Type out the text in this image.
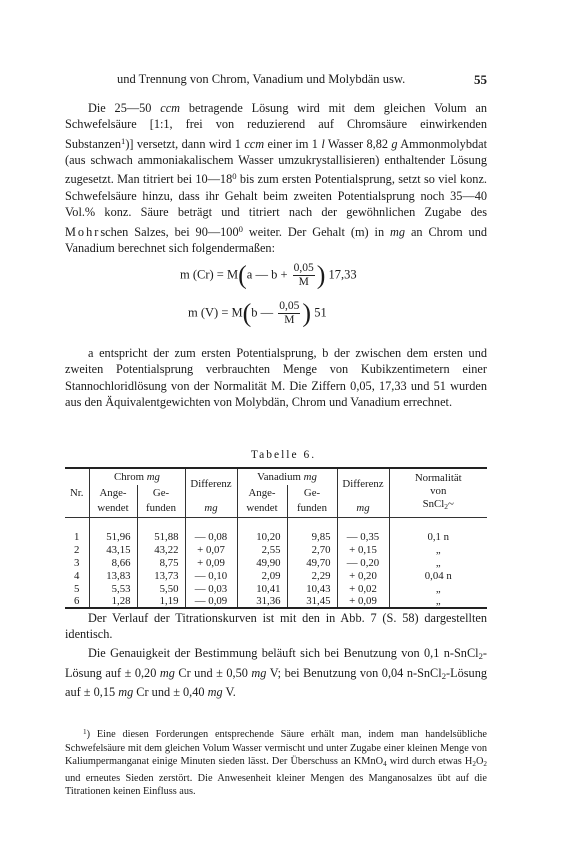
und Trennung von Chrom, Vanadium und Molybdän usw.	55

Die 25—50 ccm betragende Lösung wird mit dem gleichen Volum an Schwefelsäure [1:1, frei von reduzierend auf Chromsäure einwirkenden Substanzen$^1$)] versetzt, dann wird 1 ccm einer im 1 l Wasser 8,82 g Ammonmolybdat (aus schwach ammoniakalischem Wasser umzukrystallisieren) enthaltender Lösung zugesetzt. Man titriert bei $10—18^0$ bis zum ersten Potentialsprung, setzt so viel konz. Schwefelsäure hinzu, dass ihr Gehalt beim zweiten Potentialsprung noch 35—40 Vol.% konz. Säure beträgt und titriert nach der gewöhnlichen Zugabe des Mohrschen Salzes, bei $90—100^0$ weiter. Der Gehalt (m) in mg an Chrom und Vanadium berechnet sich folgendermaßen:

m (Cr) = M(a — $b + \frac{0,05}{M}$ ) 17,33
m (V) = M(b — $\frac{0,05}{M}$ ) 51

a entspricht der zum ersten Potentialsprung, b der zwischen dem ersten und zweiten Potentialsprung verbrauchten Menge von Kubikzentimetern einer Stannochloridlösung von der Normalität M. Die Ziffern 0,05, 17,33 und 51 wurden aus den Äquivalentgewichten von Molybdän, Chrom und Vanadium errechnet.

Tabelle 6.
Nr.	Chrom mg		Differenz	Vanadium mg		Differenz	Normalität
von
SnCl$_2$~
	Ange-	Ge-		Ange-	Ge-		
	wendet	funden	mg	wendet	funden	mg	

1	51,96	51,88	— 0,08	10,20	9,85	— 0,35	0,1 n
2	43,15	43,22	+ 0,07	2,55	2,70	+ 0,15	„
3	8,66	8,75	+ 0,09	49,90	49,70	— 0,20	„
4	13,83	13,73	— 0,10	2,09	2,29	+ 0,20	0,04 n
5	5,53	5,50	— 0,03	10,41	10,43	+ 0,02	„
6	1,28	1,19	— 0,09	31,36	31,45	+ 0,09	„

Der Verlauf der Titrationskurven ist mit den in Abb. 7 (S. 58) dargestellten identisch.

Die Genauigkeit der Bestimmung beläuft sich bei Benutzung von 0,1 n-SnCl$_2$-Lösung auf ± 0,20 mg Cr und ± 0,50 mg V; bei Benutzung von 0,04 n-SnCl$_2$-Lösung auf ± 0,15 mg Cr und ± 0,40 mg V.

$^1$) Eine diesen Forderungen entsprechende Säure erhält man, indem man handelsübliche Schwefelsäure mit dem gleichen Volum Wasser vermischt und unter Zugabe einer kleinen Menge von Kaliumpermanganat einige Minuten sieden lässt. Der Überschuss an KMnO$_4$ wird durch etwas $H_2O_2$ und erneutes Sieden zerstört. Die Anwesenheit kleiner Mengen des Manganosalzes übt auf die Titrationen keinen Einfluss aus.
